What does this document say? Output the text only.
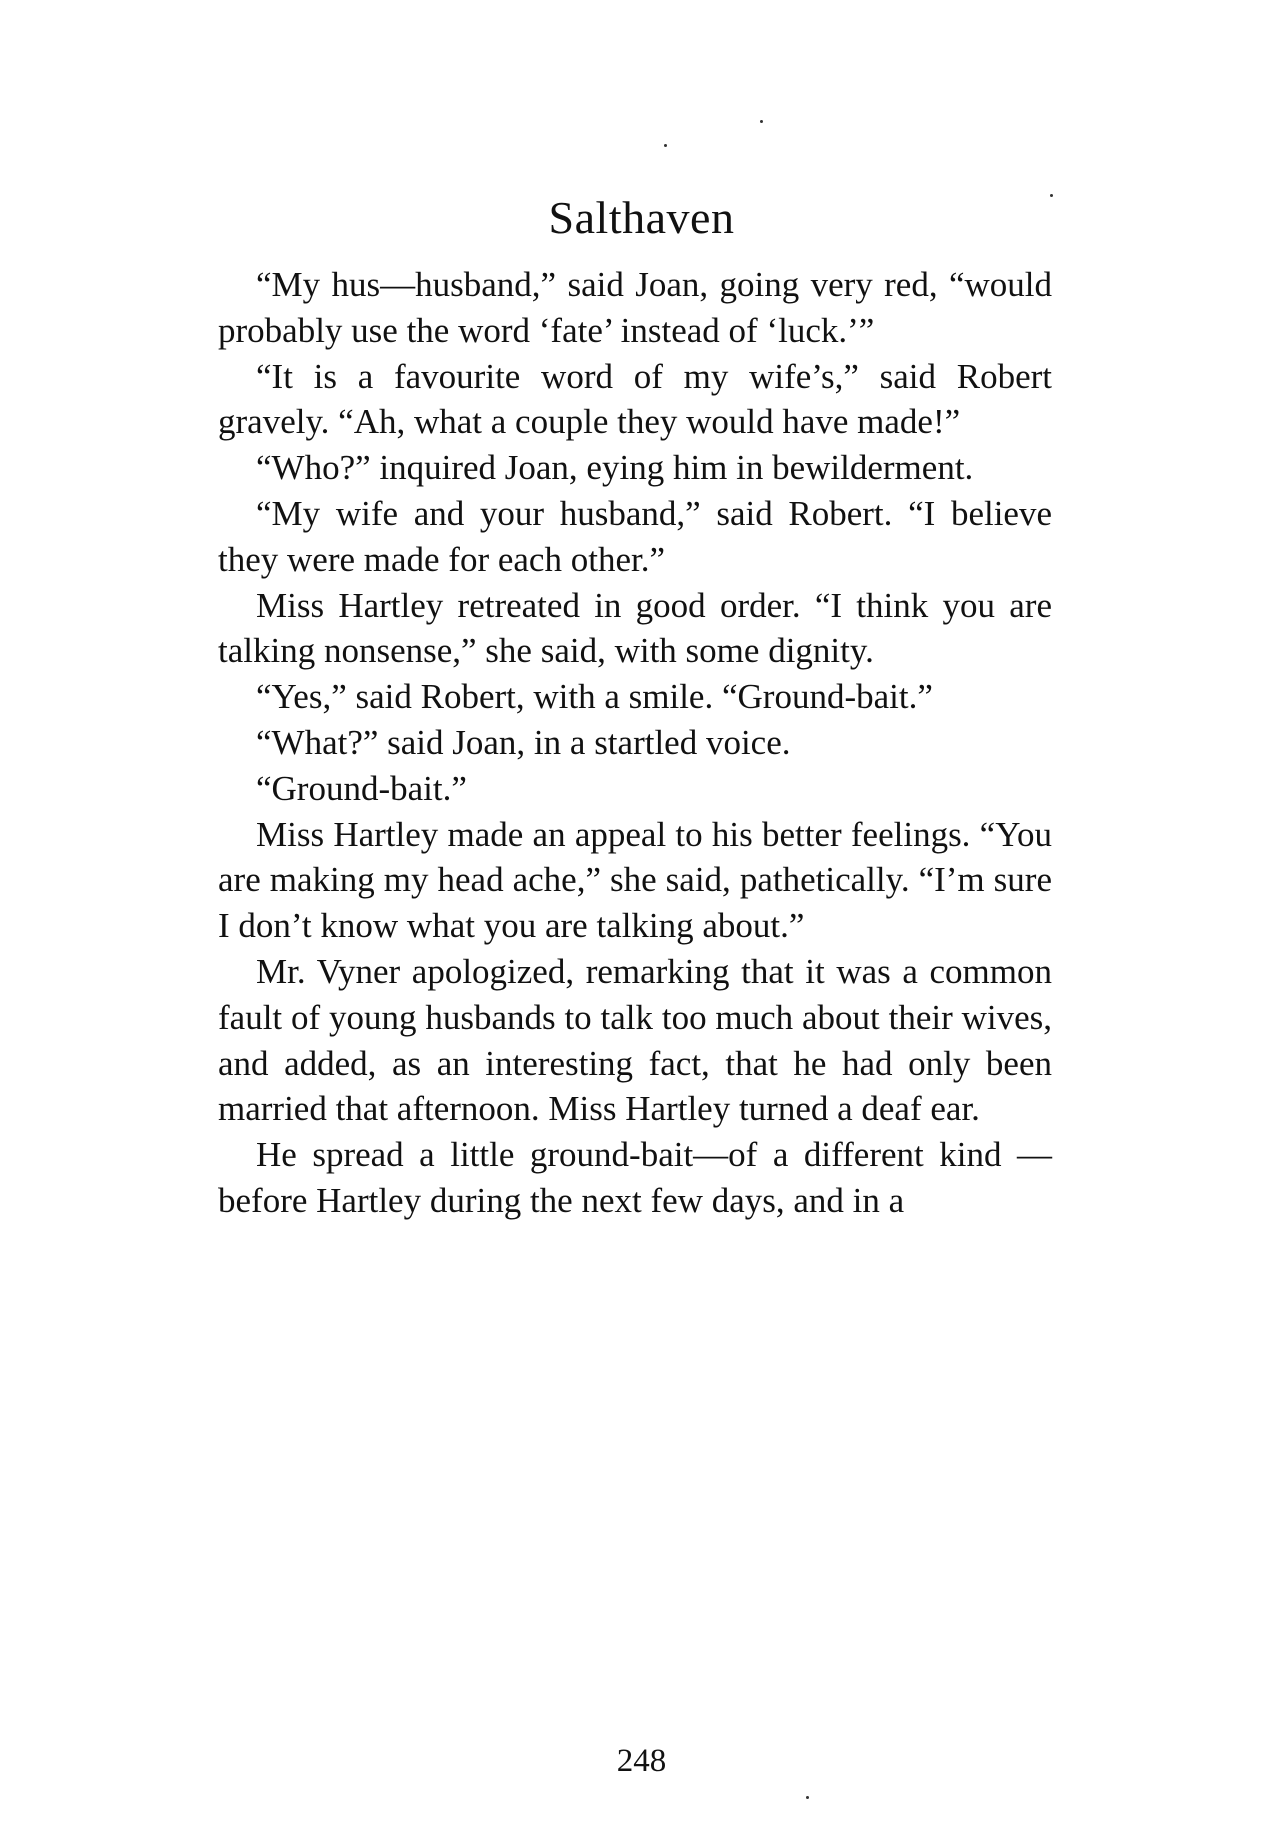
Salthaven

“My hus—husband,” said Joan, going very red, “would probably use the word ‘fate’ instead of ‘luck.’”

“It is a favourite word of my wife’s,” said Robert gravely. “Ah, what a couple they would have made!”

“Who?” inquired Joan, eying him in bewilderment.

“My wife and your husband,” said Robert. “I believe they were made for each other.”

Miss Hartley retreated in good order. “I think you are talking nonsense,” she said, with some dignity.

“Yes,” said Robert, with a smile. “Ground-bait.”

“What?” said Joan, in a startled voice.

“Ground-bait.”

Miss Hartley made an appeal to his better feelings. “You are making my head ache,” she said, pathetically. “I’m sure I don’t know what you are talking about.”

Mr. Vyner apologized, remarking that it was a common fault of young husbands to talk too much about their wives, and added, as an interesting fact, that he had only been married that afternoon. Miss Hartley turned a deaf ear.

He spread a little ground-bait—of a different kind —before Hartley during the next few days, and in a

248
